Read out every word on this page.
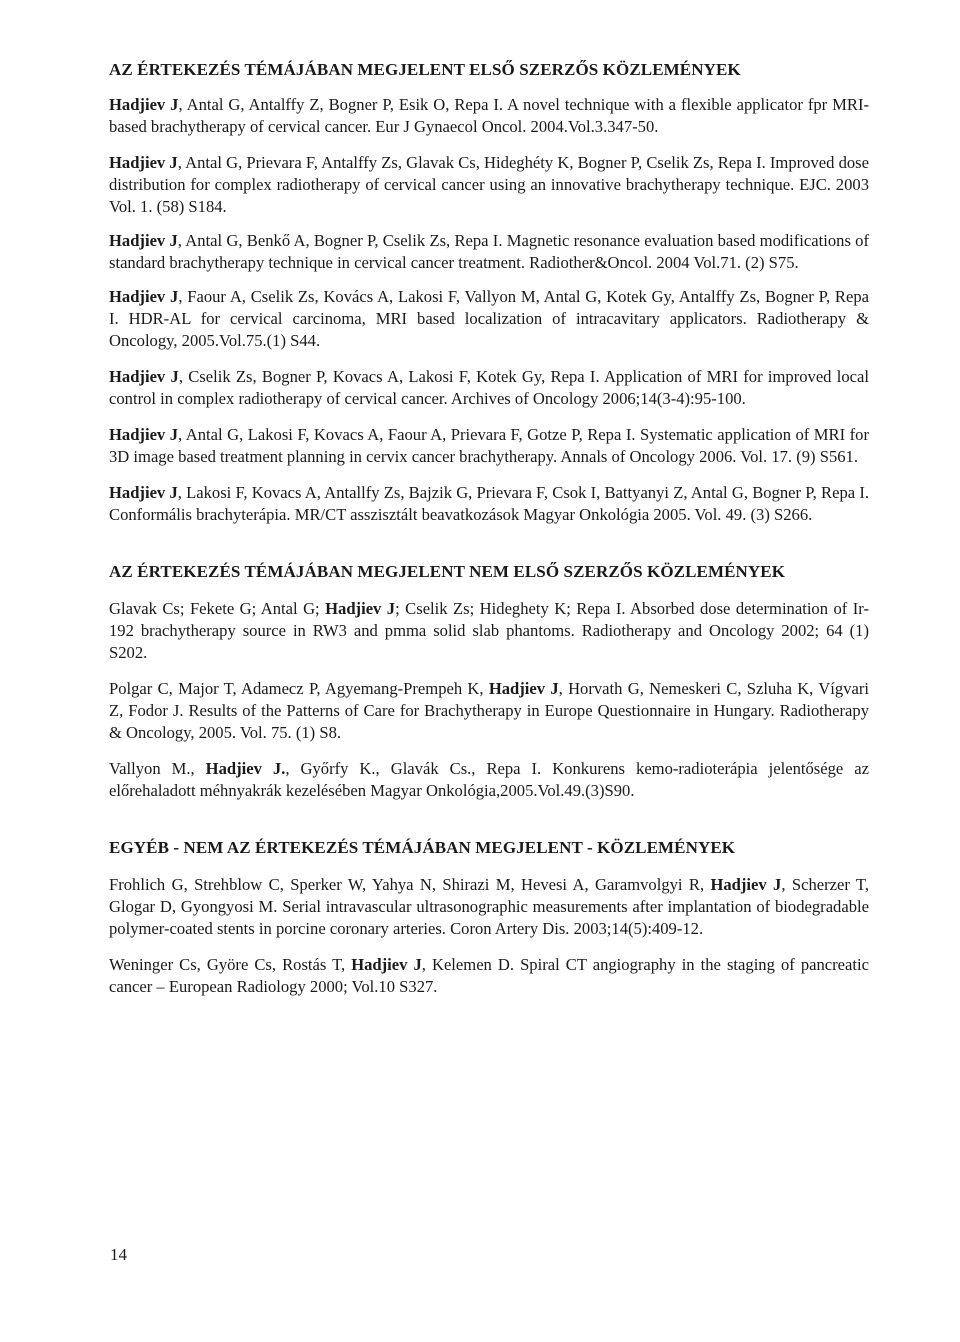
AZ ÉRTEKEZÉS TÉMÁJÁBAN MEGJELENT ELSŐ SZERZŐS KÖZLEMÉNYEK

Hadjiev J, Antal G, Antalffy Z, Bogner P, Esik O, Repa I. A novel technique with a flexible applicator fpr MRI-based brachytherapy of cervical cancer. Eur J Gynaecol Oncol. 2004.Vol.3.347-50.

Hadjiev J, Antal G, Prievara F, Antalffy Zs, Glavak Cs, Hideghéty K, Bogner P, Cselik Zs, Repa I. Improved dose distribution for complex radiotherapy of cervical cancer using an innovative brachytherapy technique. EJC. 2003 Vol. 1. (58) S184.

Hadjiev J, Antal G, Benkő A, Bogner P, Cselik Zs, Repa I. Magnetic resonance evaluation based modifications of standard brachytherapy technique in cervical cancer treatment. Radiother&Oncol. 2004 Vol.71. (2) S75.

Hadjiev J, Faour A, Cselik Zs, Kovács A, Lakosi F, Vallyon M, Antal G, Kotek Gy, Antalffy Zs, Bogner P, Repa I. HDR-AL for cervical carcinoma, MRI based localization of intracavitary applicators. Radiotherapy & Oncology, 2005.Vol.75.(1) S44.

Hadjiev J, Cselik Zs, Bogner P, Kovacs A, Lakosi F, Kotek Gy, Repa I. Application of MRI for improved local control in complex radiotherapy of cervical cancer. Archives of Oncology 2006;14(3-4):95-100.

Hadjiev J, Antal G, Lakosi F, Kovacs A, Faour A, Prievara F, Gotze P, Repa I. Systematic application of MRI for 3D image based treatment planning in cervix cancer brachytherapy. Annals of Oncology 2006. Vol. 17. (9) S561.

Hadjiev J, Lakosi F, Kovacs A, Antallfy Zs, Bajzik G, Prievara F, Csok I, Battyanyi Z, Antal G, Bogner P, Repa I. Conformális brachyterápia. MR/CT asszisztált beavatkozások Magyar Onkológia 2005. Vol. 49. (3) S266.

AZ ÉRTEKEZÉS TÉMÁJÁBAN MEGJELENT NEM ELSŐ SZERZŐS KÖZLEMÉNYEK

Glavak Cs; Fekete G; Antal G; Hadjiev J; Cselik Zs; Hideghety K; Repa I. Absorbed dose determination of Ir-192 brachytherapy source in RW3 and pmma solid slab phantoms. Radiotherapy and Oncology 2002; 64 (1) S202.

Polgar C, Major T, Adamecz P, Agyemang-Prempeh K, Hadjiev J, Horvath G, Nemeskeri C, Szluha K, Vígvari Z, Fodor J. Results of the Patterns of Care for Brachytherapy in Europe Questionnaire in Hungary. Radiotherapy & Oncology, 2005. Vol. 75. (1) S8.

Vallyon M., Hadjiev J., Győrfy K., Glavák Cs., Repa I. Konkurens kemo-radioterápia jelentősége az előrehaladott méhnyakrák kezelésében Magyar Onkológia,2005.Vol.49.(3)S90.

EGYÉB - NEM AZ ÉRTEKEZÉS TÉMÁJÁBAN MEGJELENT - KÖZLEMÉNYEK

Frohlich G, Strehblow C, Sperker W, Yahya N, Shirazi M, Hevesi A, Garamvolgyi R, Hadjiev J, Scherzer T, Glogar D, Gyongyosi M. Serial intravascular ultrasonographic measurements after implantation of biodegradable polymer-coated stents in porcine coronary arteries. Coron Artery Dis. 2003;14(5):409-12.

Weninger Cs, Györe Cs, Rostás T, Hadjiev J, Kelemen D. Spiral CT angiography in the staging of pancreatic cancer – European Radiology 2000; Vol.10 S327.

14
